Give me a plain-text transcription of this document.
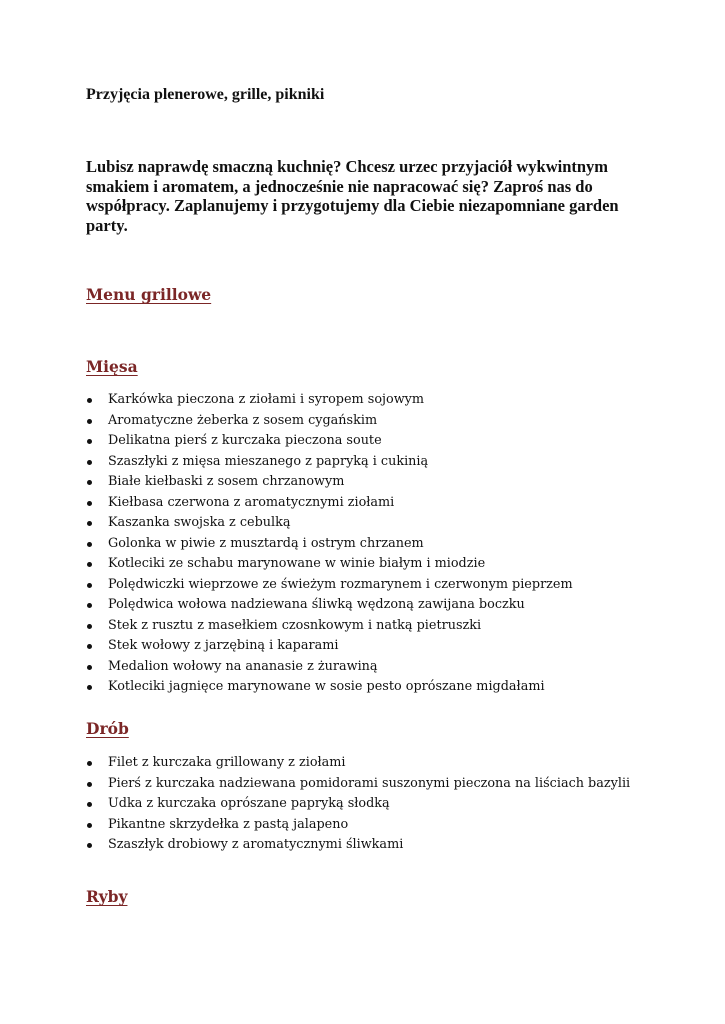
Przyjęcia plenerowe, grille, pikniki

Lubisz naprawdę smaczną kuchnię? Chcesz urzec przyjaciół wykwintnym smakiem i aromatem, a jednocześnie nie napracować się? Zaproś nas do współpracy. Zaplanujemy i przygotujemy dla Ciebie niezapomniane garden party.

Menu grillowe
Mięsa
Karkówka pieczona z ziołami i syropem sojowym
Aromatyczne żeberka z sosem cygańskim
Delikatna pierś z kurczaka pieczona soute
Szaszłyki z mięsa mieszanego z papryką i cukinią
Białe kiełbaski z sosem chrzanowym
Kiełbasa czerwona z aromatycznymi ziołami
Kaszanka swojska z cebulką
Golonka w piwie z musztardą i ostrym chrzanem
Kotleciki ze schabu marynowane w winie białym i miodzie
Polędwiczki wieprzowe ze świeżym rozmarynem i czerwonym pieprzem
Polędwica wołowa nadziewana śliwką wędzoną zawijana boczku
Stek z rusztu z masełkiem czosnkowym i natką pietruszki
Stek wołowy z jarzębiną i kaparami
Medalion wołowy na ananasie z żurawiną
Kotleciki jagnięce marynowane w sosie pesto oprószane migdałami
Drób
Filet z kurczaka grillowany z ziołami
Pierś z kurczaka nadziewana pomidorami suszonymi pieczona na liściach bazylii
Udka z kurczaka oprószane papryką słodką
Pikantne skrzydełka z pastą jalapeno
Szaszłyk drobiowy z aromatycznymi śliwkami
Ryby
